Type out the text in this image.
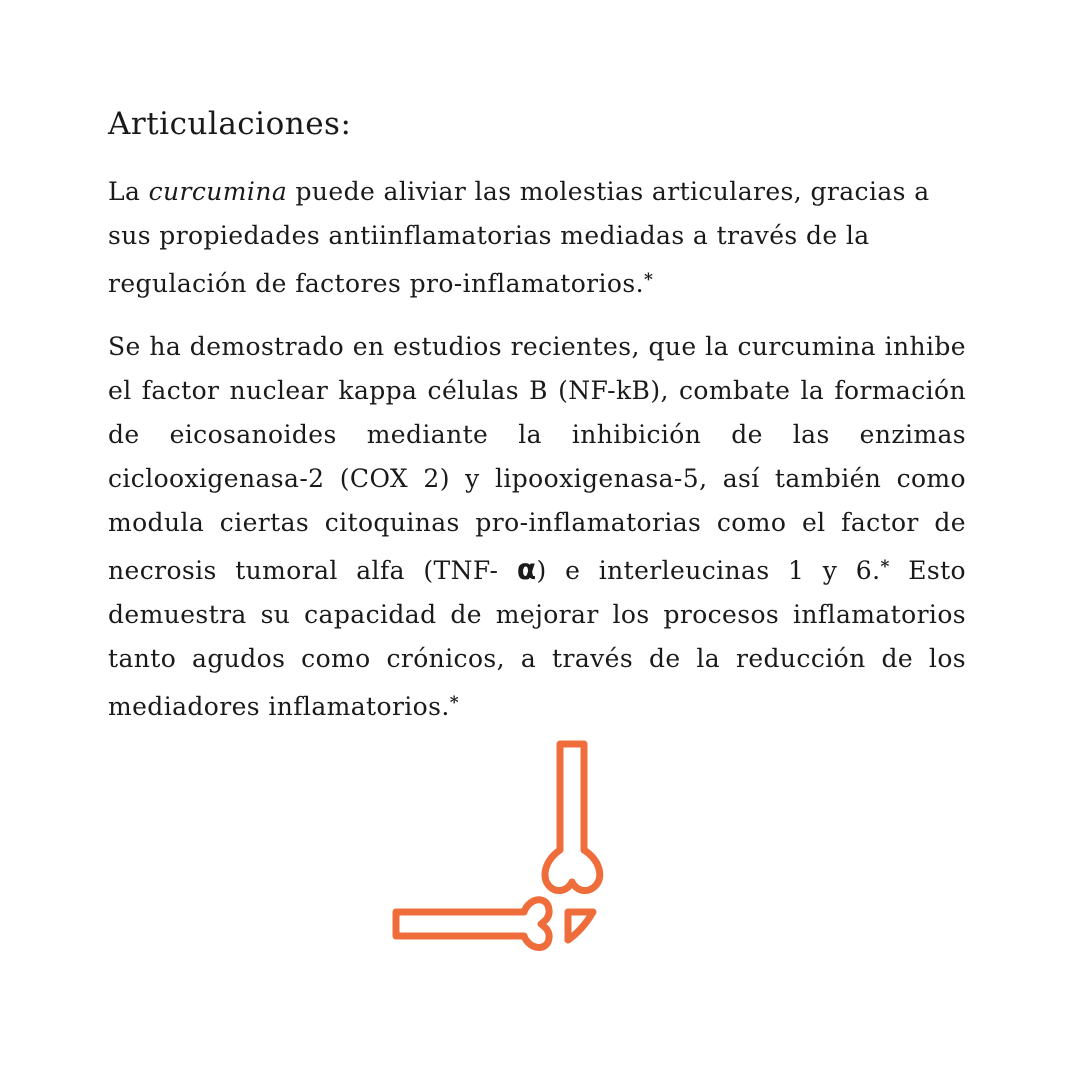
Articulaciones:

La curcumina puede aliviar las molestias articulares, gracias a sus propiedades antiinflamatorias mediadas a través de la regulación de factores pro-inflamatorios.*

Se ha demostrado en estudios recientes, que la curcumina inhibe el factor nuclear kappa células B (NF-kB), combate la formación de eicosanoides mediante la inhibición de las enzimas ciclooxigenasa-2 (COX 2) y lipooxigenasa-5, así también como modula ciertas citoquinas pro-inflamatorias como el factor de necrosis tumoral alfa (TNF- α) e interleucinas 1 y 6.* Esto demuestra su capacidad de mejorar los procesos inflamatorios tanto agudos como crónicos, a través de la reducción de los mediadores inflamatorios.*
